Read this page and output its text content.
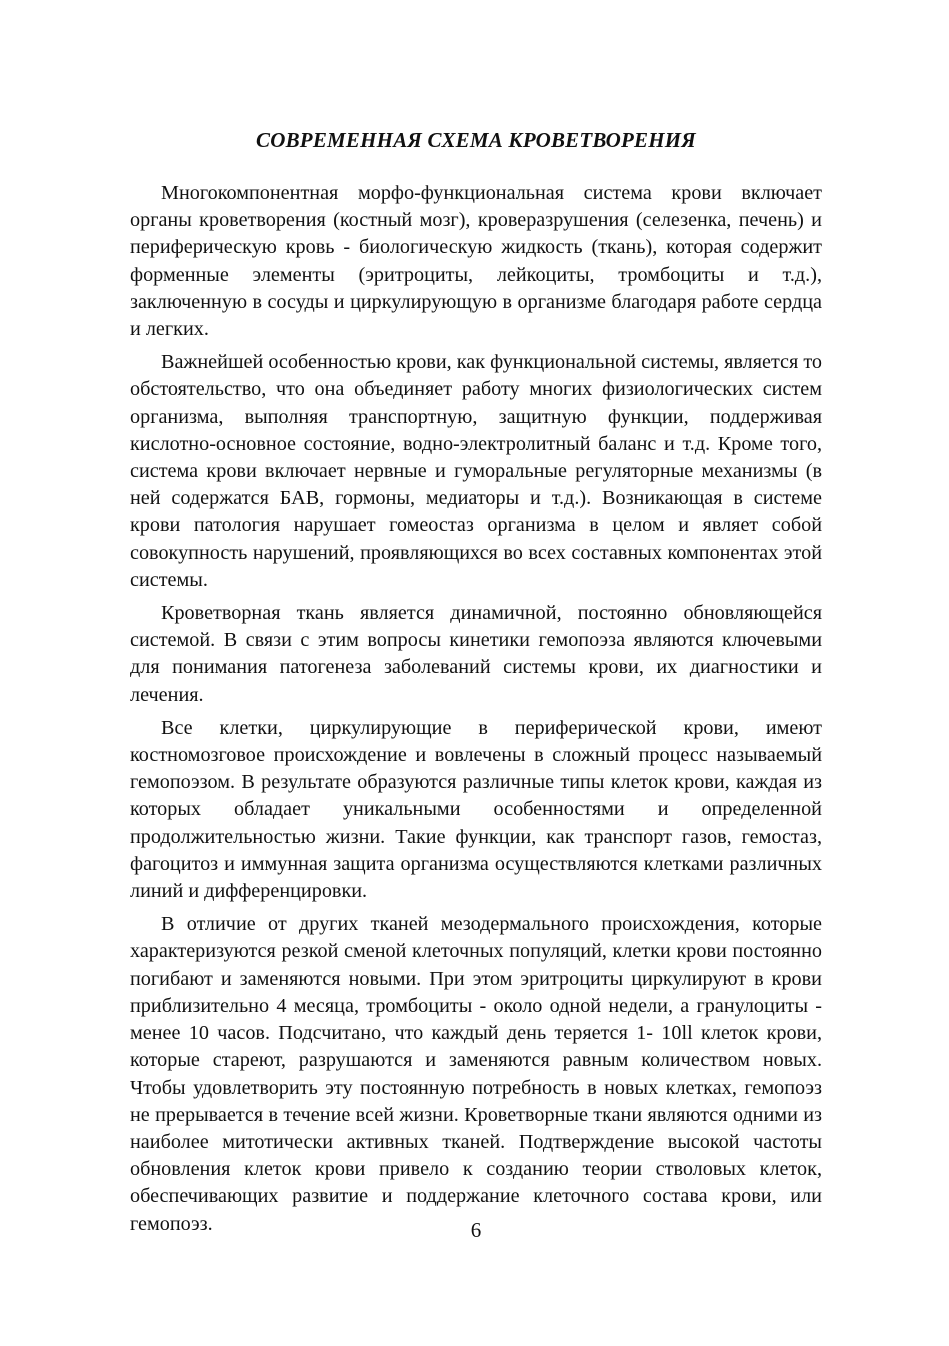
СОВРЕМЕННАЯ СХЕМА КРОВЕТВОРЕНИЯ

Многокомпонентная морфо-функциональная система крови включает органы кроветворения (костный мозг), кроверазрушения (селезенка, печень) и периферическую кровь - биологическую жидкость (ткань), которая содержит форменные элементы (эритроциты, лейкоциты, тромбоциты и т.д.), заключенную в сосуды и циркулирующую в организме благодаря работе сердца и легких.

Важнейшей особенностью крови, как функциональной системы, является то обстоятельство, что она объединяет работу многих физиологических систем организма, выполняя транспортную, защитную функции, поддерживая кислотно-основное состояние, водно-электролитный баланс и т.д. Кроме того, система крови включает нервные и гуморальные регуляторные механизмы (в ней содержатся БАВ, гормоны, медиаторы и т.д.). Возникающая в системе крови патология нарушает гомеостаз организма в целом и являет собой совокупность нарушений, проявляющихся во всех составных компонентах этой системы.

Кроветворная ткань является динамичной, постоянно обновляющейся системой. В связи с этим вопросы кинетики гемопоэза являются ключевыми для понимания патогенеза заболеваний системы крови, их диагностики и лечения.

Все клетки, циркулирующие в периферической крови, имеют костномозговое происхождение и вовлечены в сложный процесс называемый гемопоэзом. В результате образуются различные типы клеток крови, каждая из которых обладает уникальными особенностями и определенной продолжительностью жизни. Такие функции, как транспорт газов, гемостаз, фагоцитоз и иммунная защита организма осуществляются клетками различных линий и дифференцировки.

В отличие от других тканей мезодермального происхождения, которые характеризуются резкой сменой клеточных популяций, клетки крови постоянно погибают и заменяются новыми. При этом эритроциты циркулируют в крови приблизительно 4 месяца, тромбоциты - около одной недели, а гранулоциты - менее 10 часов. Подсчитано, что каждый день теряется 1- 10ll клеток крови, которые стареют, разрушаются и заменяются равным количеством новых. Чтобы удовлетворить эту постоянную потребность в новых клетках, гемопоэз не прерывается в течение всей жизни. Кроветворные ткани являются одними из наиболее митотически активных тканей. Подтверждение высокой частоты обновления клеток крови привело к созданию теории стволовых клеток, обеспечивающих развитие и поддержание клеточного состава крови, или гемопоэз.	6
